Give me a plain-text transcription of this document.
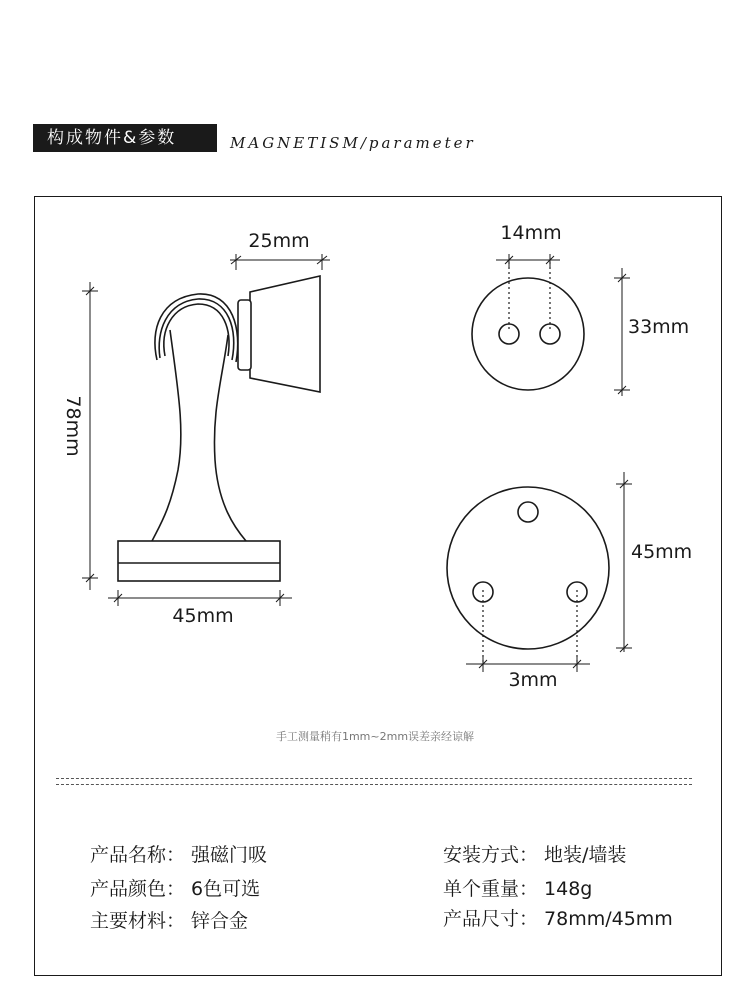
构成物件&参数	MAGNETISM/parameter
25mm
78mm
45mm
14mm
33mm
45mm
3mm
手工测量稍有1mm~2mm误差亲经谅解
产品名称： 强磁门吸
产品颜色： 6色可选
主要材料： 锌合金
安装方式： 地装/墙装
单个重量： 148g
产品尺寸： 78mm/45mm
